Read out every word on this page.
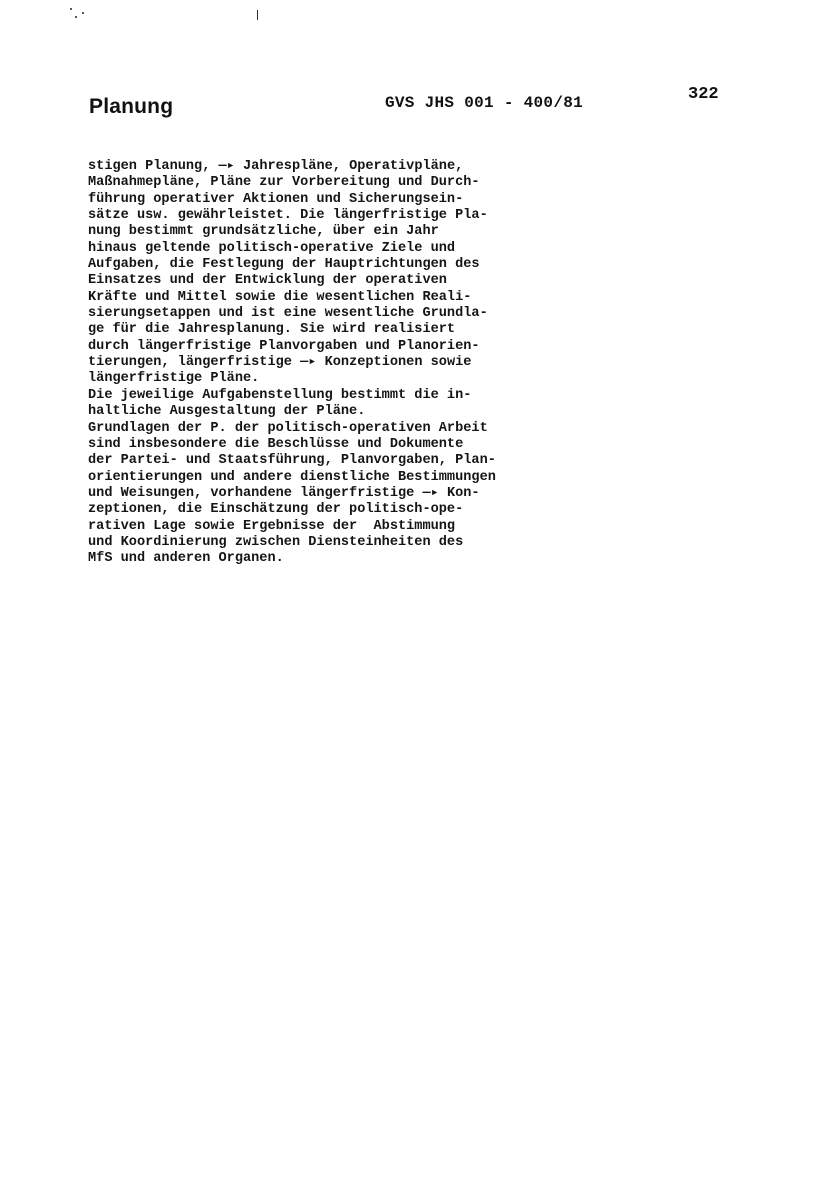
Planung	GVS JHS 001 - 400/81	322
stigen Planung, —▸ Jahrespläne, Operativpläne,
Maßnahmepläne, Pläne zur Vorbereitung und Durch-
führung operativer Aktionen und Sicherungsein-
sätze usw. gewährleistet. Die längerfristige Pla-
nung bestimmt grundsätzliche, über ein Jahr
hinaus geltende politisch-operative Ziele und
Aufgaben, die Festlegung der Hauptrichtungen des
Einsatzes und der Entwicklung der operativen
Kräfte und Mittel sowie die wesentlichen Reali-
sierungsetappen und ist eine wesentliche Grundla-
ge für die Jahresplanung. Sie wird realisiert
durch längerfristige Planvorgaben und Planorien-
tierungen, längerfristige —▸ Konzeptionen sowie
längerfristige Pläne.
Die jeweilige Aufgabenstellung bestimmt die in-
haltliche Ausgestaltung der Pläne.
Grundlagen der P. der politisch-operativen Arbeit
sind insbesondere die Beschlüsse und Dokumente
der Partei- und Staatsführung, Planvorgaben, Plan-
orientierungen und andere dienstliche Bestimmungen
und Weisungen, vorhandene längerfristige —▸ Kon-
zeptionen, die Einschätzung der politisch-ope-
rativen Lage sowie Ergebnisse der  Abstimmung
und Koordinierung zwischen Diensteinheiten des
MfS und anderen Organen.
